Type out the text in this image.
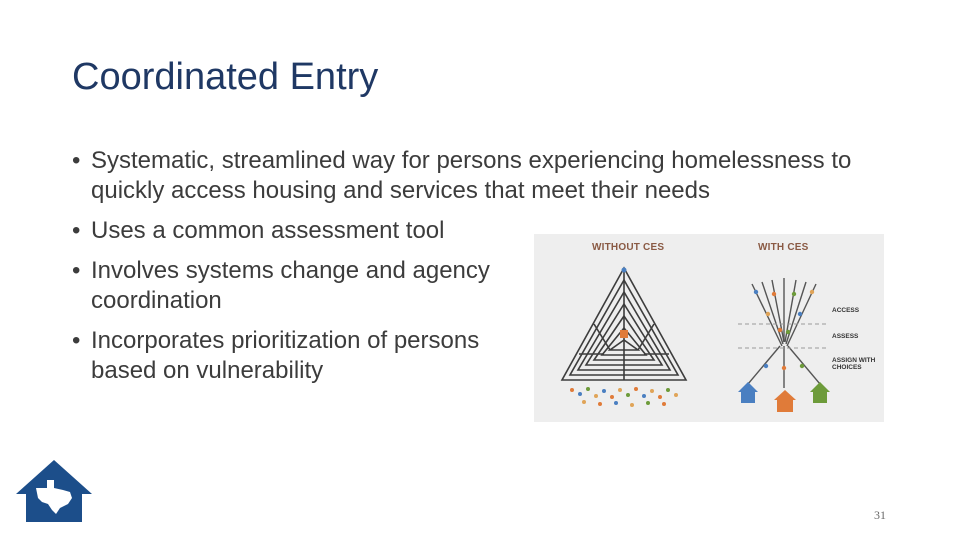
Coordinated Entry
• Systematic, streamlined way for persons experiencing homelessness to quickly access housing and services that meet their needs
• Uses a common assessment tool
• Involves systems change and agency coordination
• Incorporates prioritization of persons based on vulnerability
WITHOUT CES	WITH CES
ACCESS
ASSESS
ASSIGN WITH CHOICES
31
